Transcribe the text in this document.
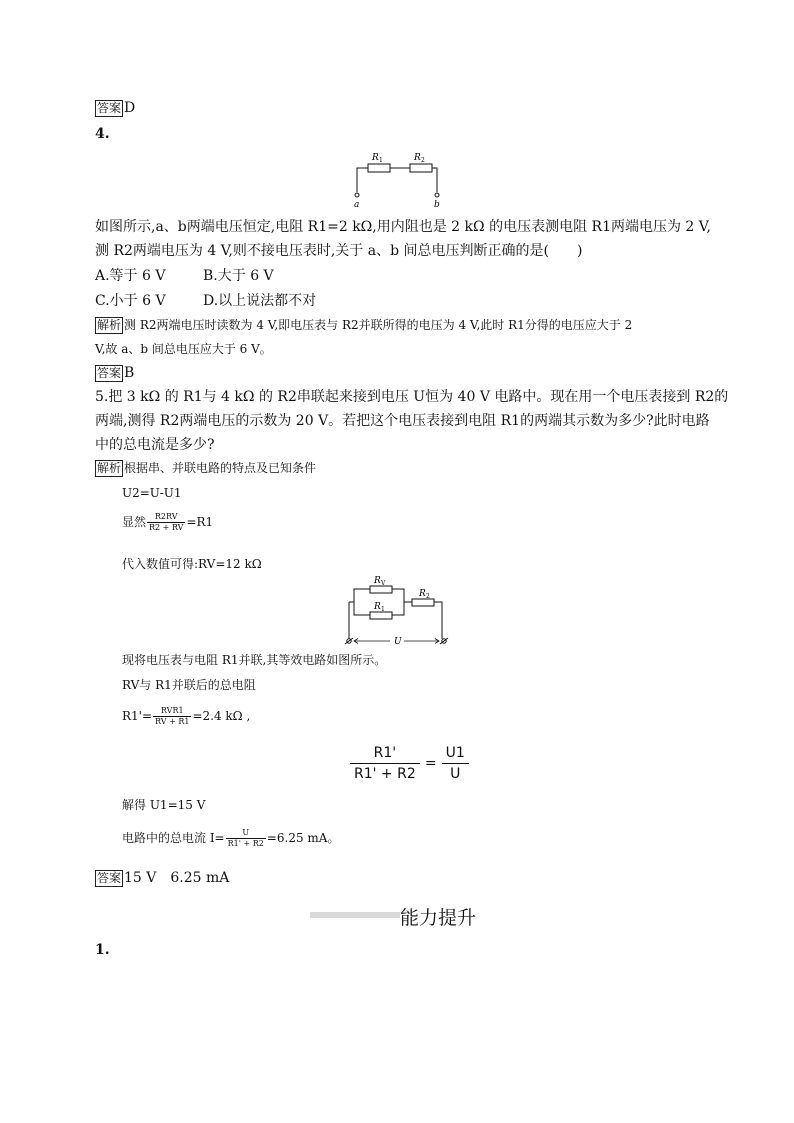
答案 D
4.
R 1	R 2
a	b
如图所示,a、b两端电压恒定,电阻 R1=2 kΩ,用内阻也是 2 kΩ 的电压表测电阻 R1两端电压为 2 V,
测 R2两端电压为 4 V,则不接电压表时,关于 a、b 间总电压判断正确的是(　　)
A.等于 6 V	B.大于 6 V
C.小于 6 V	D.以上说法都不对
解析 测 R2两端电压时读数为 4 V,即电压表与 R2并联所得的电压为 4 V,此时 R1分得的电压应大于 2
V,故 a、b 间总电压应大于 6 V。
答案 B
5.把 3 kΩ 的 R1与 4 kΩ 的 R2串联起来接到电压 U恒为 40 V 电路中。现在用一个电压表接到 R2的
两端,测得 R2两端电压的示数为 20 V。若把这个电压表接到电阻 R1的两端其示数为多少?此时电路
中的总电流是多少?
解析 根据串、并联电路的特点及已知条件
U2=U-U1
显然 $\frac{R2RV}{R2 + RV} =R1$
代入数值可得:RV=12 kΩ
R V
R 1
R 2
U
现将电压表与电阻 R1并联,其等效电路如图所示。
RV与 R1并联后的总电阻
$R1'= \frac{\text{RVR1}}{RV + R1} =2.4$ kΩ ,
$\frac{R1'}{R1' + R2} = \frac{U1}{U}$
解得 U1=15 V
电路中的总电流 $I= \frac{U}{R1' + R2} =6.25$ mA。
答案 15 V　6.25 mA
能力提升
1.
